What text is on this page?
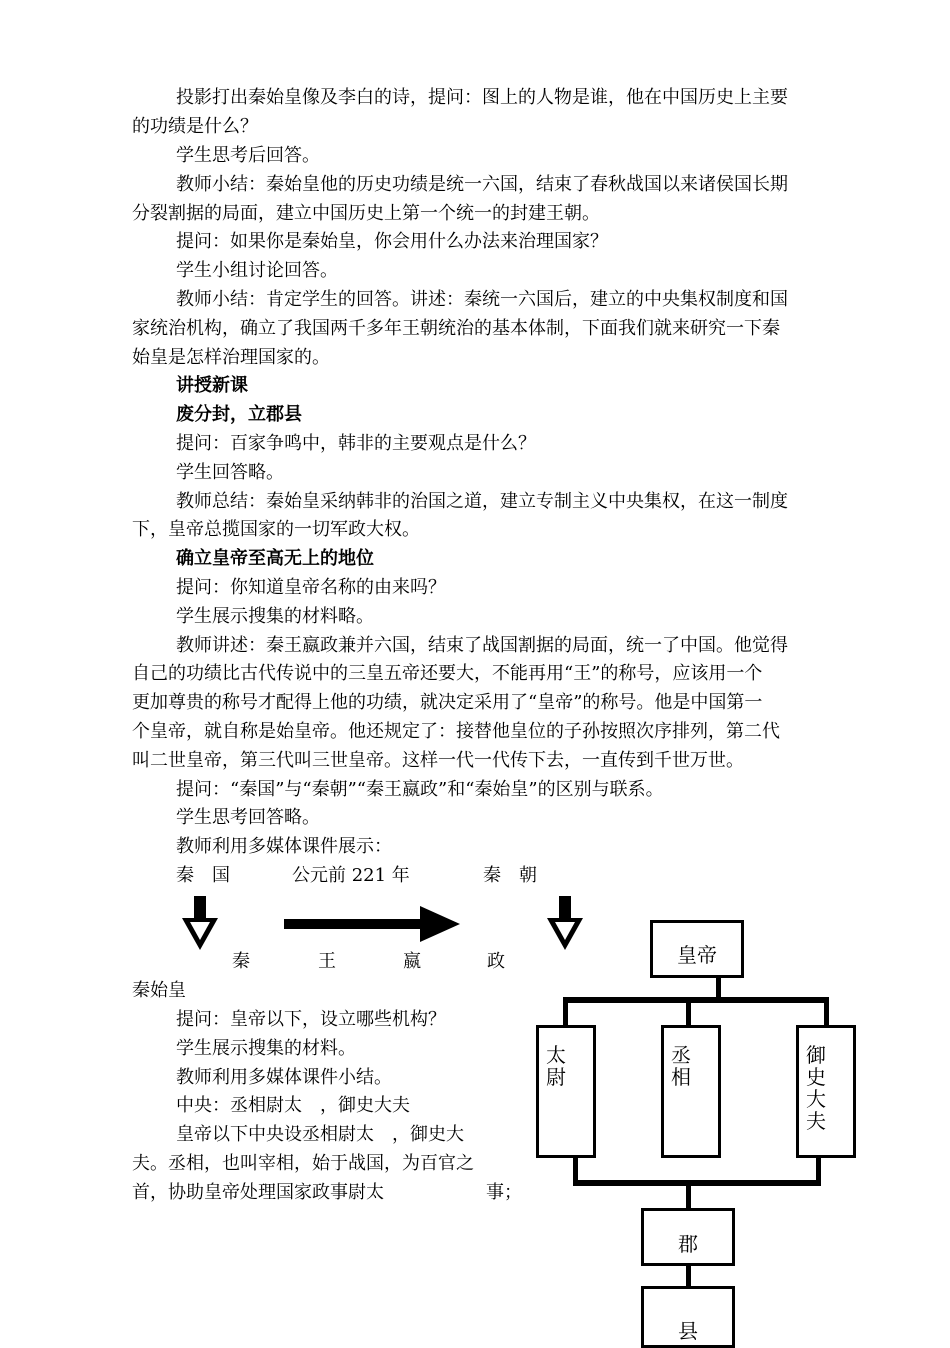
投影打出秦始皇像及李白的诗，提问：图上的人物是谁，他在中国历史上主要
的功绩是什么？
学生思考后回答。
教师小结：秦始皇他的历史功绩是统一六国，结束了春秋战国以来诸侯国长期
分裂割据的局面，建立中国历史上第一个统一的封建王朝。
提问：如果你是秦始皇，你会用什么办法来治理国家？
学生小组讨论回答。
教师小结：肯定学生的回答。讲述：秦统一六国后，建立的中央集权制度和国
家统治机构，确立了我国两千多年王朝统治的基本体制，下面我们就来研究一下秦
始皇是怎样治理国家的。
讲授新课
废分封，立郡县
提问：百家争鸣中，韩非的主要观点是什么？
学生回答略。
教师总结：秦始皇采纳韩非的治国之道，建立专制主义中央集权，在这一制度
下，皇帝总揽国家的一切军政大权。
确立皇帝至高无上的地位
提问：你知道皇帝名称的由来吗？
学生展示搜集的材料略。
教师讲述：秦王嬴政兼并六国，结束了战国割据的局面，统一了中国。他觉得
自己的功绩比古代传说中的三皇五帝还要大，不能再用“王”的称号，应该用一个
更加尊贵的称号才配得上他的功绩，就决定采用了“皇帝”的称号。他是中国第一
个皇帝，就自称是始皇帝。他还规定了：接替他皇位的子孙按照次序排列，第二代
叫二世皇帝，第三代叫三世皇帝。这样一代一代传下去，一直传到千世万世。
提问：“秦国”与“秦朝”“秦王嬴政”和“秦始皇”的区别与联系。
学生思考回答略。
教师利用多媒体课件展示：
秦　国	公元前 221 年	秦　朝
秦	王	嬴	政
秦始皇
提问：皇帝以下，设立哪些机构？
学生展示搜集的材料。
教师利用多媒体课件小结。
中央：丞相尉太　，御史大夫
皇帝以下中央设丞相尉太　，御史大
夫。丞相，也叫宰相，始于战国，为百官之
首，协助皇帝处理国家政事尉太	事；
皇帝
太尉
丞相
御史大夫
郡
县
